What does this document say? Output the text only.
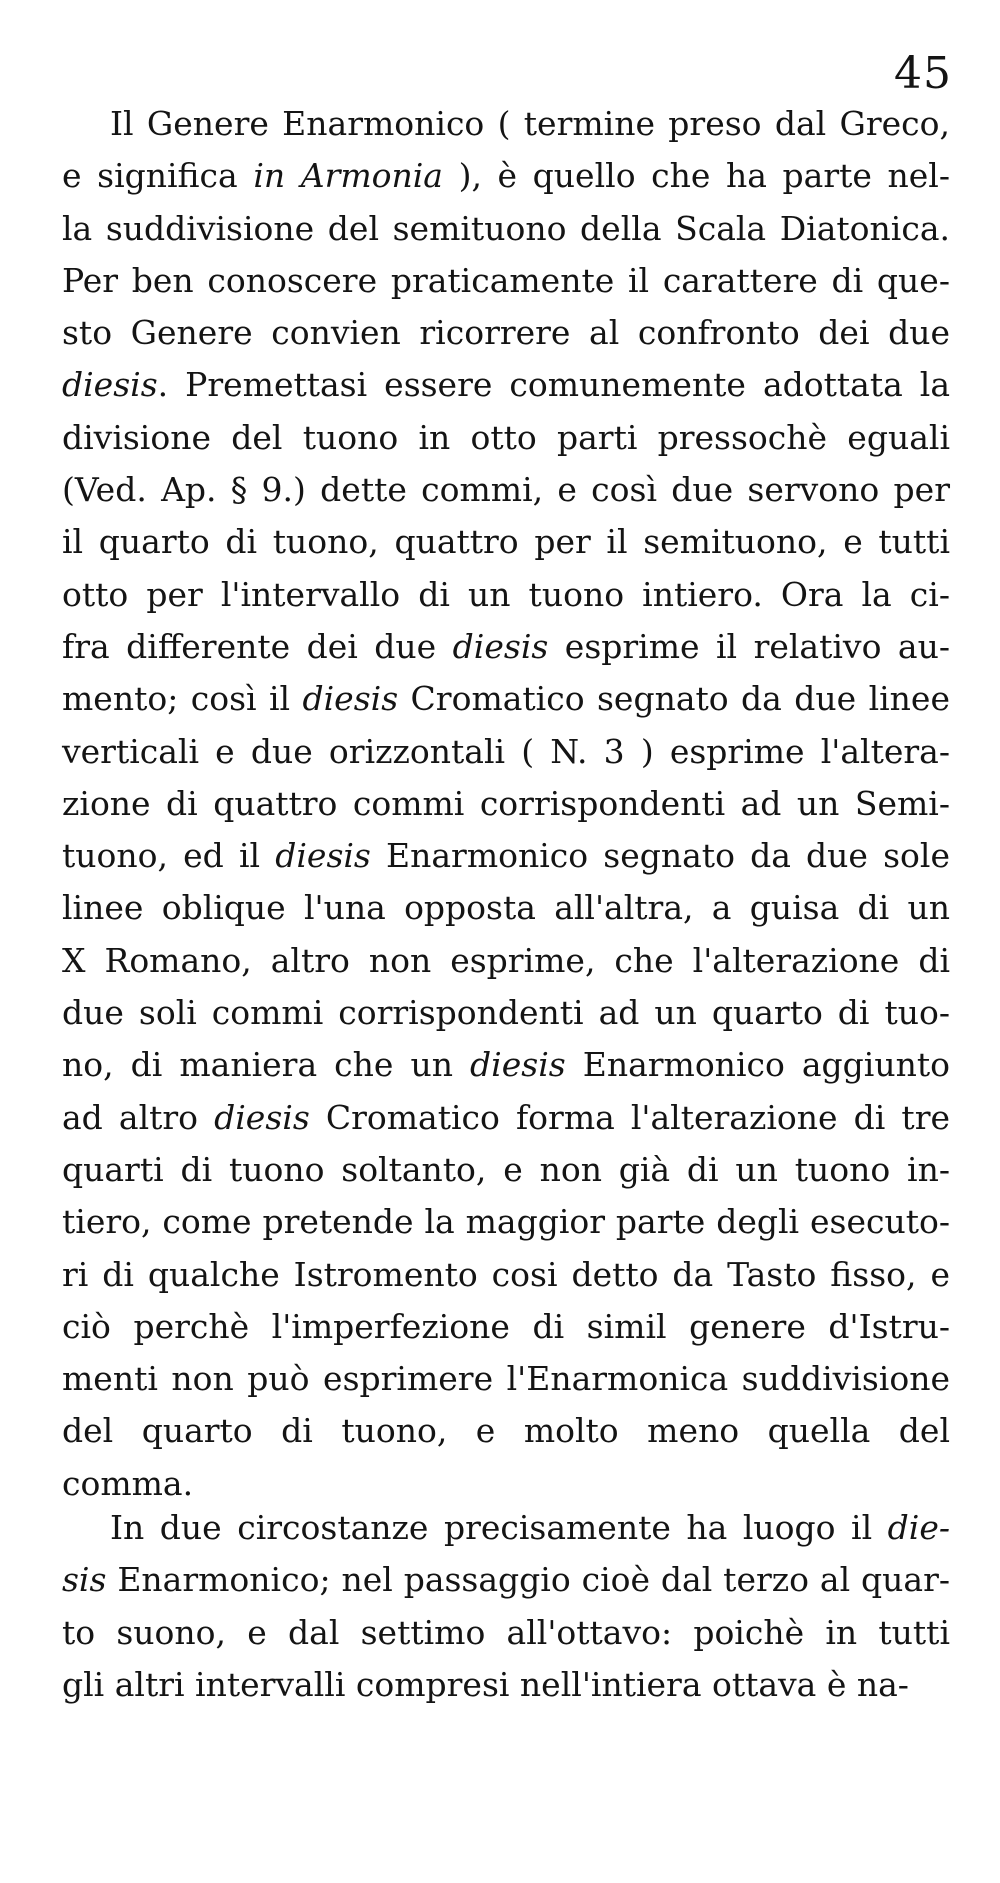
45
Il Genere Enarmonico ( termine preso dal Greco,
e significa in Armonia ), è quello che ha parte nel-
la suddivisione del semituono della Scala Diatonica.
Per ben conoscere praticamente il carattere di que-
sto Genere convien ricorrere al confronto dei due
diesis. Premettasi essere comunemente adottata la
divisione del tuono in otto parti pressochè eguali
(Ved. Ap. § 9.) dette commi, e così due servono per
il quarto di tuono, quattro per il semituono, e tutti
otto per l'intervallo di un tuono intiero. Ora la ci-
fra differente dei due diesis esprime il relativo au-
mento; così il diesis Cromatico segnato da due linee
verticali e due orizzontali ( N. 3 ) esprime l'altera-
zione di quattro commi corrispondenti ad un Semi-
tuono, ed il diesis Enarmonico segnato da due sole
linee oblique l'una opposta all'altra, a guisa di un
X Romano, altro non esprime, che l'alterazione di
due soli commi corrispondenti ad un quarto di tuo-
no, di maniera che un diesis Enarmonico aggiunto
ad altro diesis Cromatico forma l'alterazione di tre
quarti di tuono soltanto, e non già di un tuono in-
tiero, come pretende la maggior parte degli esecuto-
ri di qualche Istromento cosi detto da Tasto fisso, e
ciò perchè l'imperfezione di simil genere d'Istru-
menti non può esprimere l'Enarmonica suddivisione
del quarto di tuono, e molto meno quella del
comma.
In due circostanze precisamente ha luogo il die-
sis Enarmonico; nel passaggio cioè dal terzo al quar-
to suono, e dal settimo all'ottavo: poichè in tutti
gli altri intervalli compresi nell'intiera ottava è na-
